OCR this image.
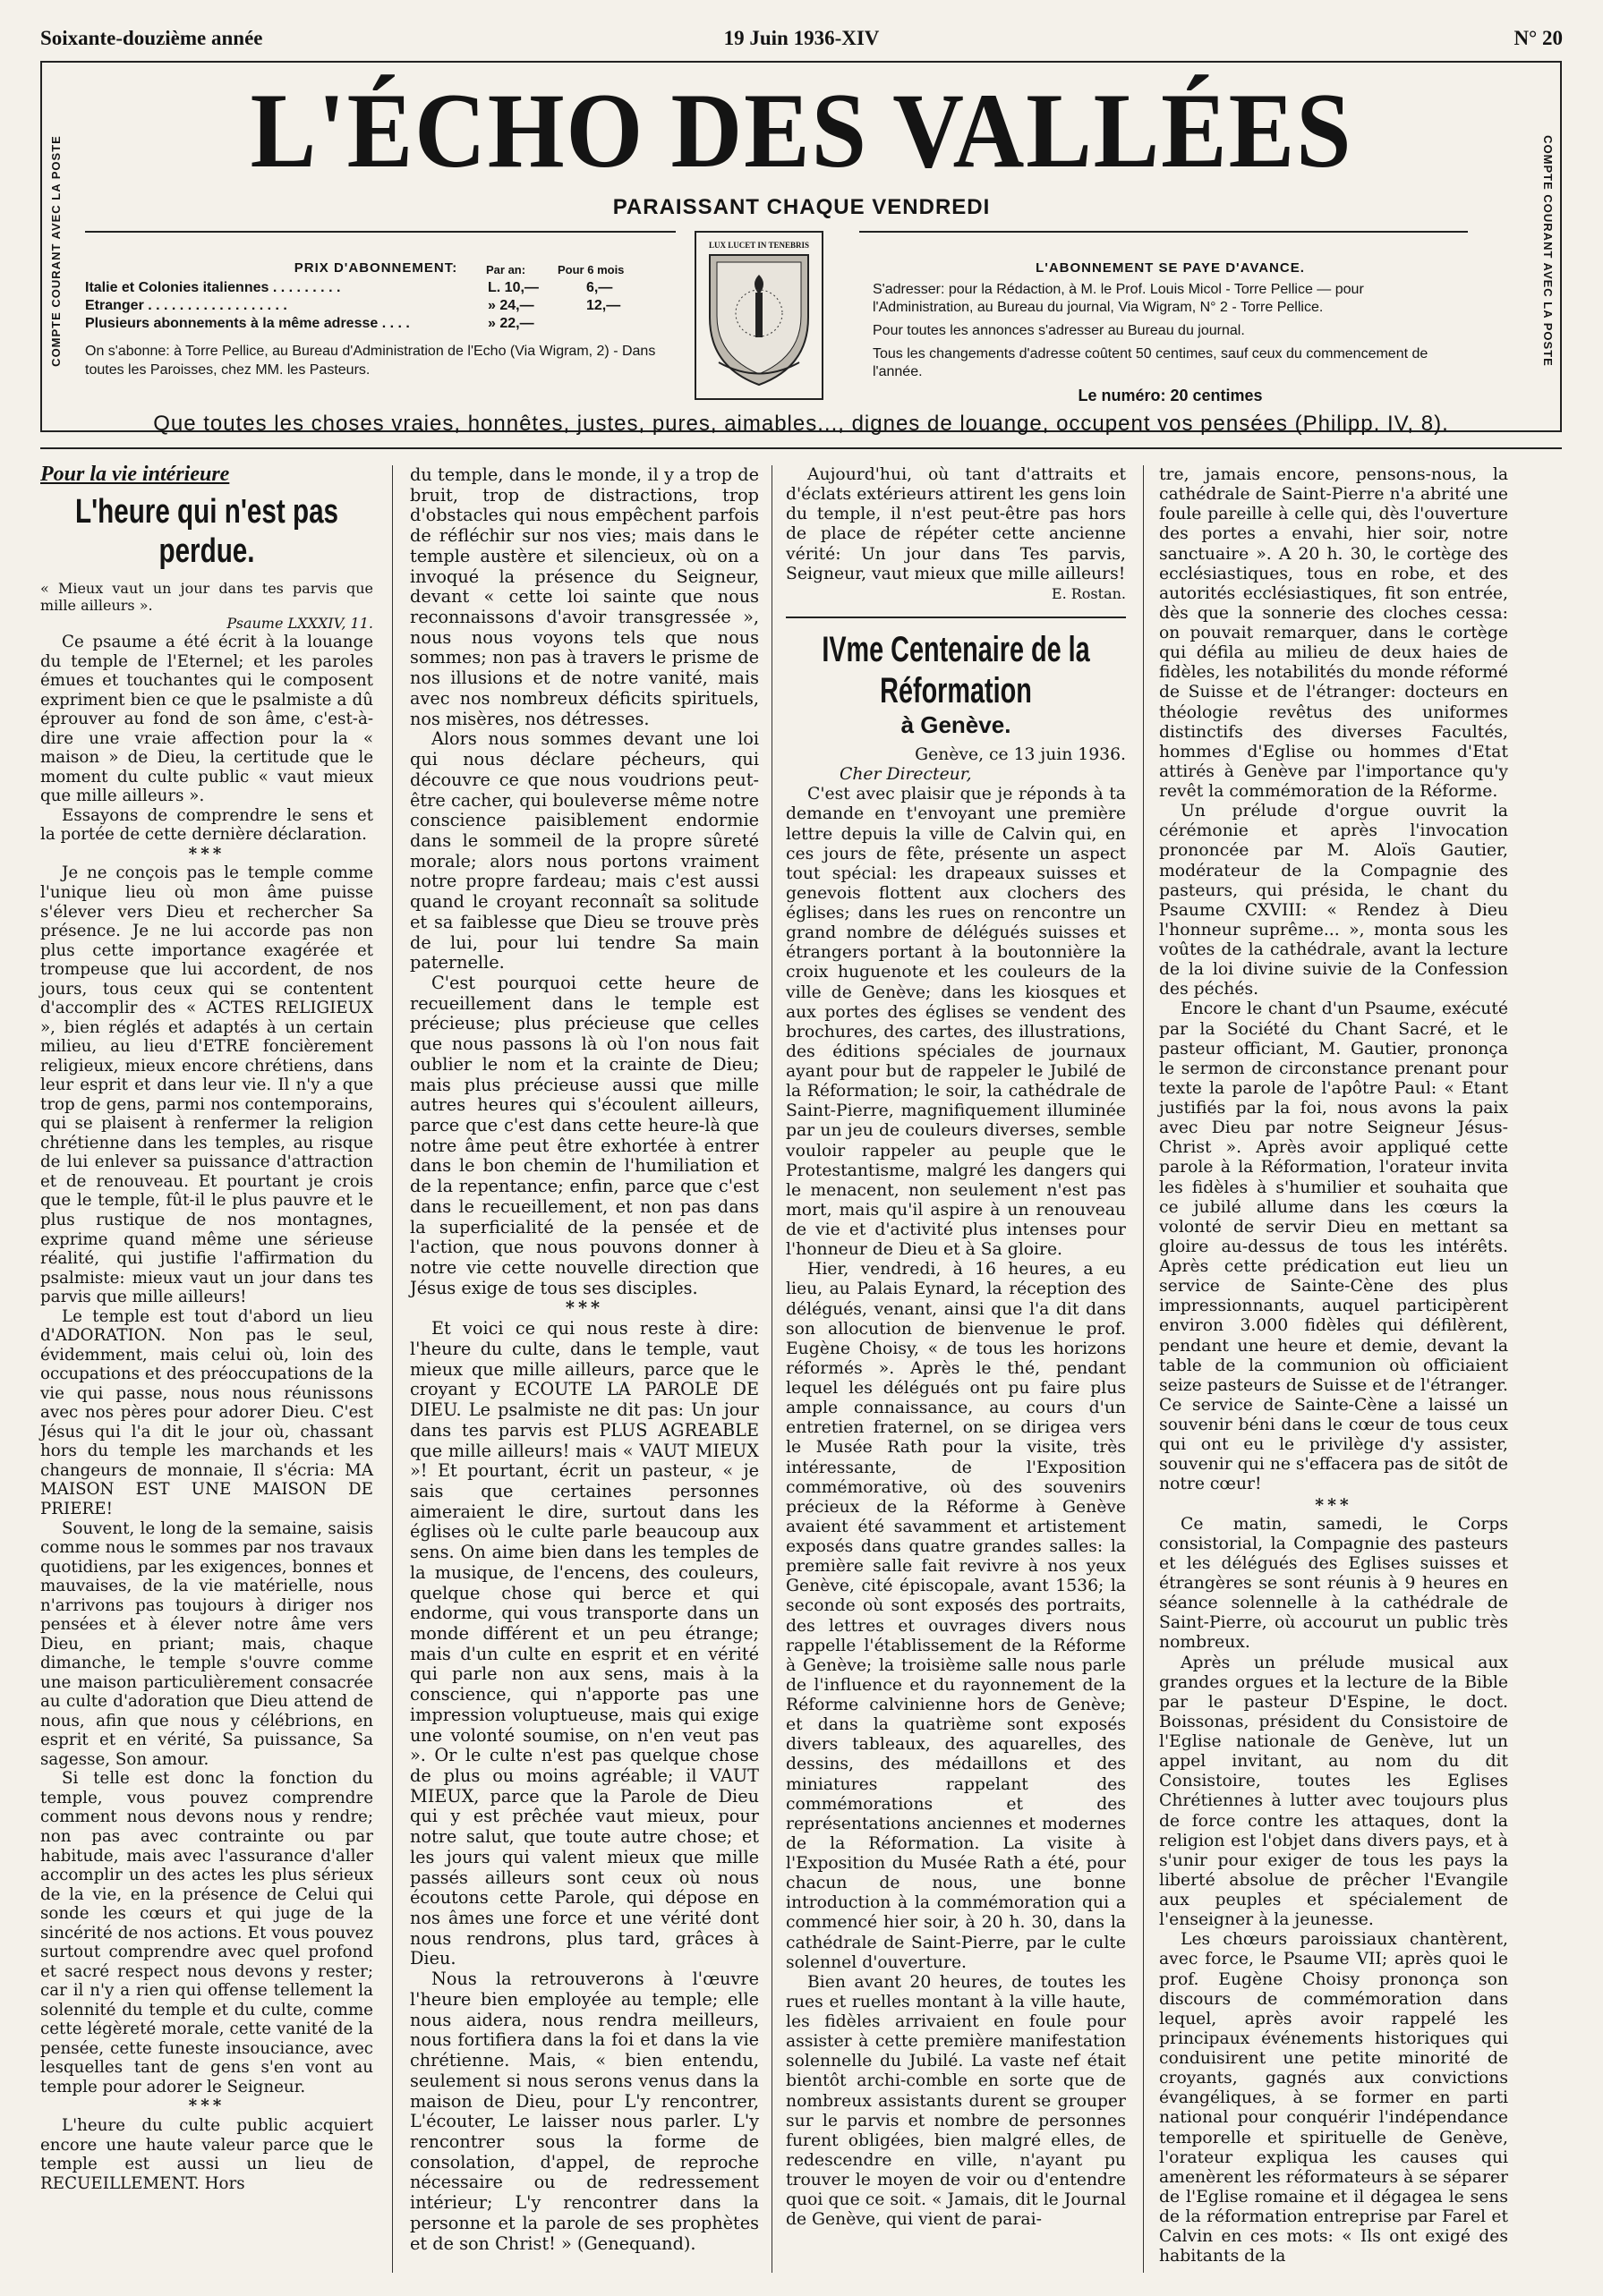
Soixante-douzième année	19 Juin 1936-XIV	N° 20
COMPTE COURANT AVEC LA POSTE	COMPTE COURANT AVEC LA POSTE
L'ÉCHO DES VALLÉES
PARAISSANT CHAQUE VENDREDI
LUX LUCET IN TENEBRIS
PRIX D'ABONNEMENT:	Par an:	Pour 6 mois
Italie et Colonies italiennes . . . . . . . . .	L. 10,—	6,—
Etranger . . . . . . . . . . . . . . . . . .	» 24,—	12,—
Plusieurs abonnements à la même adresse . . . .	» 22,—
On s'abonne: à Torre Pellice, au Bureau d'Administration de l'Echo (Via Wigram, 2) - Dans toutes les Paroisses, chez MM. les Pasteurs.
L'ABONNEMENT SE PAYE D'AVANCE.

S'adresser: pour la Rédaction, à M. le Prof. Louis Micol - Torre Pellice — pour l'Administration, au Bureau du journal, Via Wigram, N° 2 - Torre Pellice.

Pour toutes les annonces s'adresser au Bureau du journal.

Tous les changements d'adresse coûtent 50 centimes, sauf ceux du commencement de l'année.

Le numéro: 20 centimes
Que toutes les choses vraies, honnêtes, justes, pures, aimables..., dignes de louange, occupent vos pensées (Philipp. IV, 8).
Pour la vie intérieure
L'heure qui n'est pas perdue.

« Mieux vaut un jour dans tes parvis que mille ailleurs ».

Psaume LXXXIV, 11.

Ce psaume a été écrit à la louange du temple de l'Eternel; et les paroles émues et touchantes qui le composent expriment bien ce que le psalmiste a dû éprouver au fond de son âme, c'est-à-dire une vraie affection pour la « maison » de Dieu, la certitude que le moment du culte public « vaut mieux que mille ailleurs ».

Essayons de comprendre le sens et la portée de cette dernière déclaration.

***

Je ne conçois pas le temple comme l'unique lieu où mon âme puisse s'élever vers Dieu et rechercher Sa présence. Je ne lui accorde pas non plus cette importance exagérée et trompeuse que lui accordent, de nos jours, tous ceux qui se contentent d'accomplir des « ACTES RELIGIEUX », bien réglés et adaptés à un certain milieu, au lieu d'ETRE foncièrement religieux, mieux encore chrétiens, dans leur esprit et dans leur vie. Il n'y a que trop de gens, parmi nos contemporains, qui se plaisent à renfermer la religion chrétienne dans les temples, au risque de lui enlever sa puissance d'attraction et de renouveau. Et pourtant je crois que le temple, fût-il le plus pauvre et le plus rustique de nos montagnes, exprime quand même une sérieuse réalité, qui justifie l'affirmation du psalmiste: mieux vaut un jour dans tes parvis que mille ailleurs!

Le temple est tout d'abord un lieu d'ADORATION. Non pas le seul, évidemment, mais celui où, loin des occupations et des préoccupations de la vie qui passe, nous nous réunissons avec nos pères pour adorer Dieu. C'est Jésus qui l'a dit le jour où, chassant hors du temple les marchands et les changeurs de monnaie, Il s'écria: MA MAISON EST UNE MAISON DE PRIERE!

Souvent, le long de la semaine, saisis comme nous le sommes par nos travaux quotidiens, par les exigences, bonnes et mauvaises, de la vie matérielle, nous n'arrivons pas toujours à diriger nos pensées et à élever notre âme vers Dieu, en priant; mais, chaque dimanche, le temple s'ouvre comme une maison particulièrement consacrée au culte d'adoration que Dieu attend de nous, afin que nous y célébrions, en esprit et en vérité, Sa puissance, Sa sagesse, Son amour.

Si telle est donc la fonction du temple, vous pouvez comprendre comment nous devons nous y rendre; non pas avec contrainte ou par habitude, mais avec l'assurance d'aller accomplir un des actes les plus sérieux de la vie, en la présence de Celui qui sonde les cœurs et qui juge de la sincérité de nos actions. Et vous pouvez surtout comprendre avec quel profond et sacré respect nous devons y rester; car il n'y a rien qui offense tellement la solennité du temple et du culte, comme cette légèreté morale, cette vanité de la pensée, cette funeste insouciance, avec lesquelles tant de gens s'en vont au temple pour adorer le Seigneur.

***

L'heure du culte public acquiert encore une haute valeur parce que le temple est aussi un lieu de RECUEILLEMENT. Hors

du temple, dans le monde, il y a trop de bruit, trop de distractions, trop d'obstacles qui nous empêchent parfois de réfléchir sur nos vies; mais dans le temple austère et silencieux, où on a invoqué la présence du Seigneur, devant « cette loi sainte que nous reconnaissons d'avoir transgressée », nous nous voyons tels que nous sommes; non pas à travers le prisme de nos illusions et de notre vanité, mais avec nos nombreux déficits spirituels, nos misères, nos détresses.

Alors nous sommes devant une loi qui nous déclare pécheurs, qui découvre ce que nous voudrions peut-être cacher, qui bouleverse même notre conscience paisiblement endormie dans le sommeil de la propre sûreté morale; alors nous portons vraiment notre propre fardeau; mais c'est aussi quand le croyant reconnaît sa solitude et sa faiblesse que Dieu se trouve près de lui, pour lui tendre Sa main paternelle.

C'est pourquoi cette heure de recueillement dans le temple est précieuse; plus précieuse que celles que nous passons là où l'on nous fait oublier le nom et la crainte de Dieu; mais plus précieuse aussi que mille autres heures qui s'écoulent ailleurs, parce que c'est dans cette heure-là que notre âme peut être exhortée à entrer dans le bon chemin de l'humiliation et de la repentance; enfin, parce que c'est dans le recueillement, et non pas dans la superficialité de la pensée et de l'action, que nous pouvons donner à notre vie cette nouvelle direction que Jésus exige de tous ses disciples.

***

Et voici ce qui nous reste à dire: l'heure du culte, dans le temple, vaut mieux que mille ailleurs, parce que le croyant y ECOUTE LA PAROLE DE DIEU. Le psalmiste ne dit pas: Un jour dans tes parvis est PLUS AGREABLE que mille ailleurs! mais « VAUT MIEUX »! Et pourtant, écrit un pasteur, « je sais que certaines personnes aimeraient le dire, surtout dans les églises où le culte parle beaucoup aux sens. On aime bien dans les temples de la musique, de l'encens, des couleurs, quelque chose qui berce et qui endorme, qui vous transporte dans un monde différent et un peu étrange; mais d'un culte en esprit et en vérité qui parle non aux sens, mais à la conscience, qui n'apporte pas une impression voluptueuse, mais qui exige une volonté soumise, on n'en veut pas ». Or le culte n'est pas quelque chose de plus ou moins agréable; il VAUT MIEUX, parce que la Parole de Dieu qui y est prêchée vaut mieux, pour notre salut, que toute autre chose; et les jours qui valent mieux que mille passés ailleurs sont ceux où nous écoutons cette Parole, qui dépose en nos âmes une force et une vérité dont nous rendrons, plus tard, grâces à Dieu.

Nous la retrouverons à l'œuvre l'heure bien employée au temple; elle nous aidera, nous rendra meilleurs, nous fortifiera dans la foi et dans la vie chrétienne. Mais, « bien entendu, seulement si nous serons venus dans la maison de Dieu, pour L'y rencontrer, L'écouter, Le laisser nous parler. L'y rencontrer sous la forme de consolation, d'appel, de reproche nécessaire ou de redressement intérieur; L'y rencontrer dans la personne et la parole de ses prophètes et de son Christ! » (Genequand).

Aujourd'hui, où tant d'attraits et d'éclats extérieurs attirent les gens loin du temple, il n'est peut-être pas hors de place de répéter cette ancienne vérité: Un jour dans Tes parvis, Seigneur, vaut mieux que mille ailleurs!

E. Rostan.

IVme Centenaire de la Réformation
à Genève.

Genève, ce 13 juin 1936.

Cher Directeur,

C'est avec plaisir que je réponds à ta demande en t'envoyant une première lettre depuis la ville de Calvin qui, en ces jours de fête, présente un aspect tout spécial: les drapeaux suisses et genevois flottent aux clochers des églises; dans les rues on rencontre un grand nombre de délégués suisses et étrangers portant à la boutonnière la croix huguenote et les couleurs de la ville de Genève; dans les kiosques et aux portes des églises se vendent des brochures, des cartes, des illustrations, des éditions spéciales de journaux ayant pour but de rappeler le Jubilé de la Réformation; le soir, la cathédrale de Saint-Pierre, magnifiquement illuminée par un jeu de couleurs diverses, semble vouloir rappeler au peuple que le Protestantisme, malgré les dangers qui le menacent, non seulement n'est pas mort, mais qu'il aspire à un renouveau de vie et d'activité plus intenses pour l'honneur de Dieu et à Sa gloire.

Hier, vendredi, à 16 heures, a eu lieu, au Palais Eynard, la réception des délégués, venant, ainsi que l'a dit dans son allocution de bienvenue le prof. Eugène Choisy, « de tous les horizons réformés ». Après le thé, pendant lequel les délégués ont pu faire plus ample connaissance, au cours d'un entretien fraternel, on se dirigea vers le Musée Rath pour la visite, très intéressante, de l'Exposition commémorative, où des souvenirs précieux de la Réforme à Genève avaient été savamment et artistement exposés dans quatre grandes salles: la première salle fait revivre à nos yeux Genève, cité épiscopale, avant 1536; la seconde où sont exposés des portraits, des lettres et ouvrages divers nous rappelle l'établissement de la Réforme à Genève; la troisième salle nous parle de l'influence et du rayonnement de la Réforme calvinienne hors de Genève; et dans la quatrième sont exposés divers tableaux, des aquarelles, des dessins, des médaillons et des miniatures rappelant des commémorations et des représentations anciennes et modernes de la Réformation. La visite à l'Exposition du Musée Rath a été, pour chacun de nous, une bonne introduction à la commémoration qui a commencé hier soir, à 20 h. 30, dans la cathédrale de Saint-Pierre, par le culte solennel d'ouverture.

Bien avant 20 heures, de toutes les rues et ruelles montant à la ville haute, les fidèles arrivaient en foule pour assister à cette première manifestation solennelle du Jubilé. La vaste nef était bientôt archi-comble en sorte que de nombreux assistants durent se grouper sur le parvis et nombre de personnes furent obligées, bien malgré elles, de redescendre en ville, n'ayant pu trouver le moyen de voir ou d'entendre quoi que ce soit. « Jamais, dit le Journal de Genève, qui vient de parai-

tre, jamais encore, pensons-nous, la cathédrale de Saint-Pierre n'a abrité une foule pareille à celle qui, dès l'ouverture des portes a envahi, hier soir, notre sanctuaire ». A 20 h. 30, le cortège des ecclésiastiques, tous en robe, et des autorités ecclésiastiques, fit son entrée, dès que la sonnerie des cloches cessa: on pouvait remarquer, dans le cortège qui défila au milieu de deux haies de fidèles, les notabilités du monde réformé de Suisse et de l'étranger: docteurs en théologie revêtus des uniformes distinctifs des diverses Facultés, hommes d'Eglise ou hommes d'Etat attirés à Genève par l'importance qu'y revêt la commémoration de la Réforme.

Un prélude d'orgue ouvrit la cérémonie et après l'invocation prononcée par M. Aloïs Gautier, modérateur de la Compagnie des pasteurs, qui présida, le chant du Psaume CXVIII: « Rendez à Dieu l'honneur suprême... », monta sous les voûtes de la cathédrale, avant la lecture de la loi divine suivie de la Confession des péchés.

Encore le chant d'un Psaume, exécuté par la Société du Chant Sacré, et le pasteur officiant, M. Gautier, prononça le sermon de circonstance prenant pour texte la parole de l'apôtre Paul: « Etant justifiés par la foi, nous avons la paix avec Dieu par notre Seigneur Jésus-Christ ». Après avoir appliqué cette parole à la Réformation, l'orateur invita les fidèles à s'humilier et souhaita que ce jubilé allume dans les cœurs la volonté de servir Dieu en mettant sa gloire au-dessus de tous les intérêts. Après cette prédication eut lieu un service de Sainte-Cène des plus impressionnants, auquel participèrent environ 3.000 fidèles qui défilèrent, pendant une heure et demie, devant la table de la communion où officiaient seize pasteurs de Suisse et de l'étranger. Ce service de Sainte-Cène a laissé un souvenir béni dans le cœur de tous ceux qui ont eu le privilège d'y assister, souvenir qui ne s'effacera pas de sitôt de notre cœur!

***

Ce matin, samedi, le Corps consistorial, la Compagnie des pasteurs et les délégués des Eglises suisses et étrangères se sont réunis à 9 heures en séance solennelle à la cathédrale de Saint-Pierre, où accourut un public très nombreux.

Après un prélude musical aux grandes orgues et la lecture de la Bible par le pasteur D'Espine, le doct. Boissonas, président du Consistoire de l'Eglise nationale de Genève, lut un appel invitant, au nom du dit Consistoire, toutes les Eglises Chrétiennes à lutter avec toujours plus de force contre les attaques, dont la religion est l'objet dans divers pays, et à s'unir pour exiger de tous les pays la liberté absolue de prêcher l'Evangile aux peuples et spécialement de l'enseigner à la jeunesse.

Les chœurs paroissiaux chantèrent, avec force, le Psaume VII; après quoi le prof. Eugène Choisy prononça son discours de commémoration dans lequel, après avoir rappelé les principaux événements historiques qui conduisirent une petite minorité de croyants, gagnés aux convictions évangéliques, à se former en parti national pour conquérir l'indépendance temporelle et spirituelle de Genève, l'orateur expliqua les causes qui amenèrent les réformateurs à se séparer de l'Eglise romaine et il dégagea le sens de la réformation entreprise par Farel et Calvin en ces mots: « Ils ont exigé des habitants de la
